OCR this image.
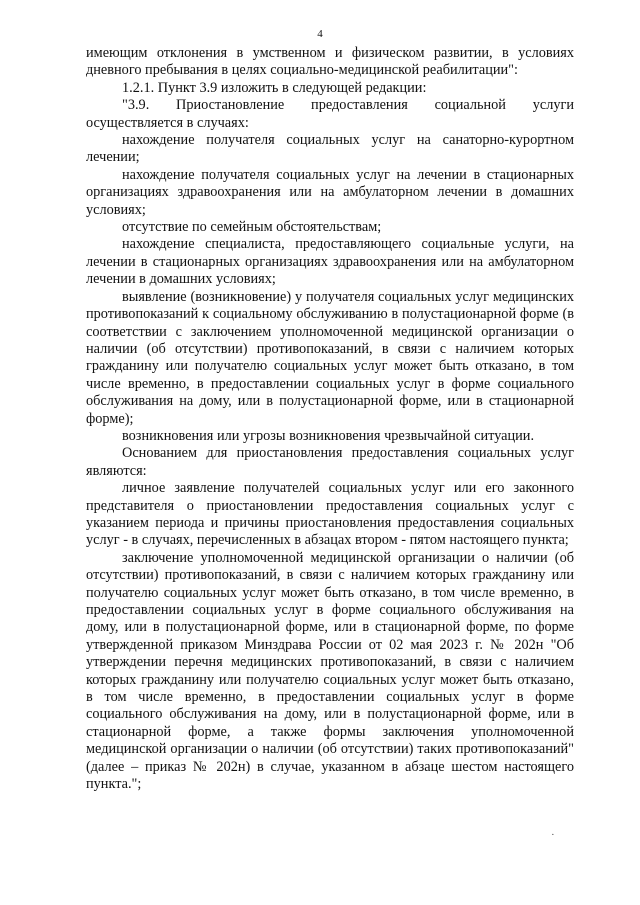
4

имеющим отклонения в умственном и физическом развитии, в условиях дневного пребывания в целях социально-медицинской реабилитации":

1.2.1. Пункт 3.9 изложить в следующей редакции:

"3.9. Приостановление предоставления социальной услуги осуществляется в случаях:

нахождение получателя социальных услуг на санаторно-курортном лечении;

нахождение получателя социальных услуг на лечении в стационарных организациях здравоохранения или на амбулаторном лечении в домашних условиях;

отсутствие по семейным обстоятельствам;

нахождение специалиста, предоставляющего социальные услуги, на лечении в стационарных организациях здравоохранения или на амбулаторном лечении в домашних условиях;

выявление (возникновение) у получателя социальных услуг медицинских противопоказаний к социальному обслуживанию в полустационарной форме (в соответствии с заключением уполномоченной медицинской организации о наличии (об отсутствии) противопоказаний, в связи с наличием которых гражданину или получателю социальных услуг может быть отказано, в том числе временно, в предоставлении социальных услуг в форме социального обслуживания на дому, или в полустационарной форме, или в стационарной форме);

возникновения или угрозы возникновения чрезвычайной ситуации.

Основанием для приостановления предоставления социальных услуг являются:

личное заявление получателей социальных услуг или его законного представителя о приостановлении предоставления социальных услуг с указанием периода и причины приостановления предоставления социальных услуг - в случаях, перечисленных в абзацах втором - пятом настоящего пункта;

заключение уполномоченной медицинской организации о наличии (об отсутствии) противопоказаний, в связи с наличием которых гражданину или получателю социальных услуг может быть отказано, в том числе временно, в предоставлении социальных услуг в форме социального обслуживания на дому, или в полустационарной форме, или в стационарной форме, по форме утвержденной приказом Минздрава России от 02 мая 2023 г. № 202н "Об утверждении перечня медицинских противопоказаний, в связи с наличием которых гражданину или получателю социальных услуг может быть отказано, в том числе временно, в предоставлении социальных услуг в форме социального обслуживания на дому, или в полустационарной форме, или в стационарной форме, а также формы заключения уполномоченной медицинской организации о наличии (об отсутствии) таких противопоказаний" (далее – приказ № 202н) в случае, указанном в абзаце шестом настоящего пункта.";

·
